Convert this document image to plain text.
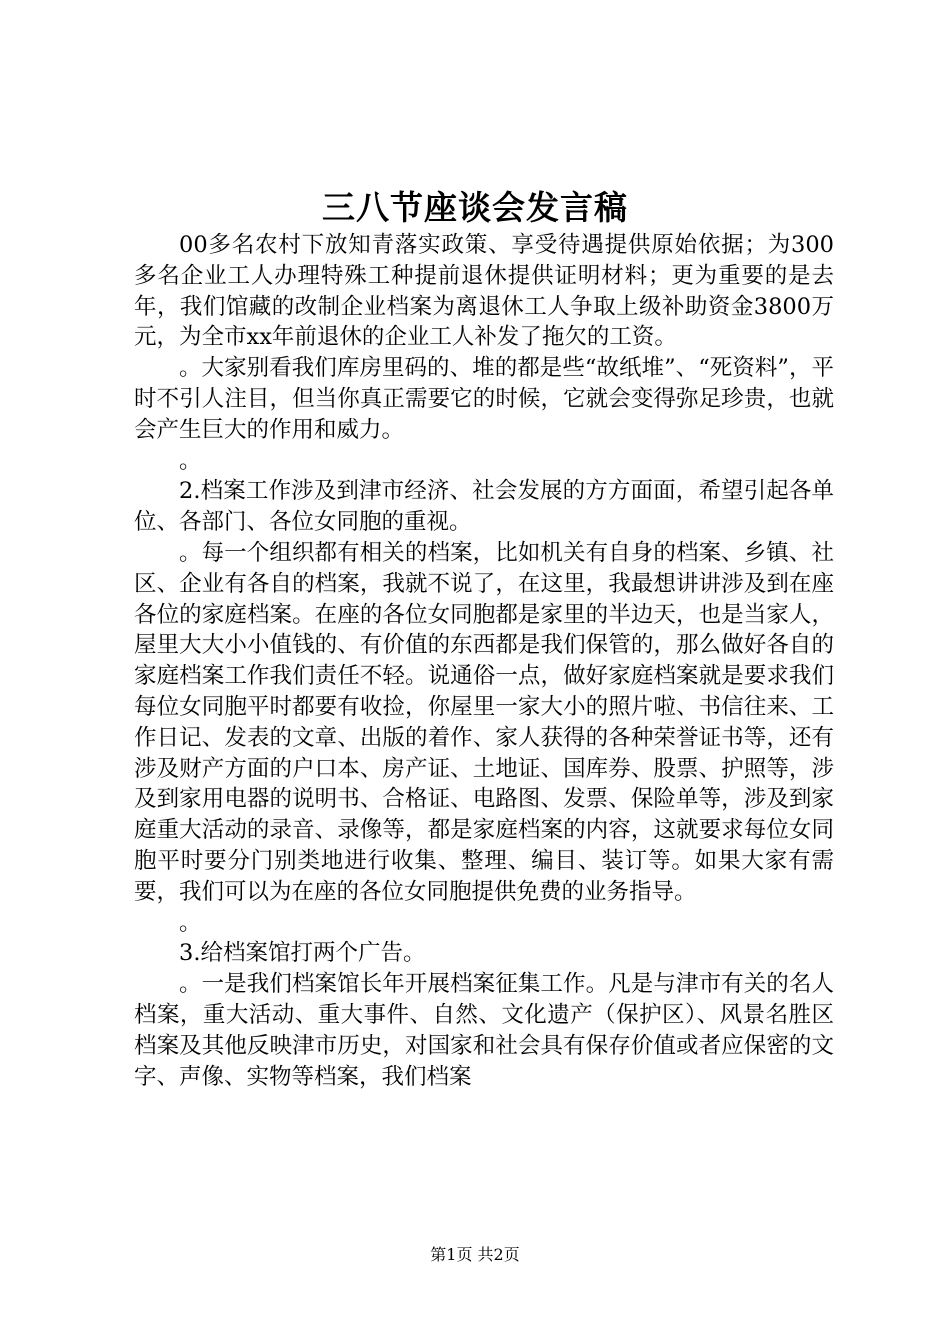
三八节座谈会发言稿

00多名农村下放知青落实政策、享受待遇提供原始依据；为300多名企业工人办理特殊工种提前退休提供证明材料；更为重要的是去年，我们馆藏的改制企业档案为离退休工人争取上级补助资金3800万元，为全市xx年前退休的企业工人补发了拖欠的工资。

。大家别看我们库房里码的、堆的都是些“故纸堆”、“死资料”，平时不引人注目，但当你真正需要它的时候，它就会变得弥足珍贵，也就会产生巨大的作用和威力。

。

2.档案工作涉及到津市经济、社会发展的方方面面，希望引起各单位、各部门、各位女同胞的重视。

。每一个组织都有相关的档案，比如机关有自身的档案、乡镇、社区、企业有各自的档案，我就不说了，在这里，我最想讲讲涉及到在座各位的家庭档案。在座的各位女同胞都是家里的半边天，也是当家人，屋里大大小小值钱的、有价值的东西都是我们保管的，那么做好各自的家庭档案工作我们责任不轻。说通俗一点，做好家庭档案就是要求我们每位女同胞平时都要有收捡，你屋里一家大小的照片啦、书信往来、工作日记、发表的文章、出版的着作、家人获得的各种荣誉证书等，还有涉及财产方面的户口本、房产证、土地证、国库券、股票、护照等，涉及到家用电器的说明书、合格证、电路图、发票、保险单等，涉及到家庭重大活动的录音、录像等，都是家庭档案的内容，这就要求每位女同胞平时要分门别类地进行收集、整理、编目、装订等。如果大家有需要，我们可以为在座的各位女同胞提供免费的业务指导。

。

3.给档案馆打两个广告。

。一是我们档案馆长年开展档案征集工作。凡是与津市有关的名人档案，重大活动、重大事件、自然、文化遗产（保护区）、风景名胜区档案及其他反映津市历史，对国家和社会具有保存价值或者应保密的文字、声像、实物等档案，我们档案

第1页 共2页
